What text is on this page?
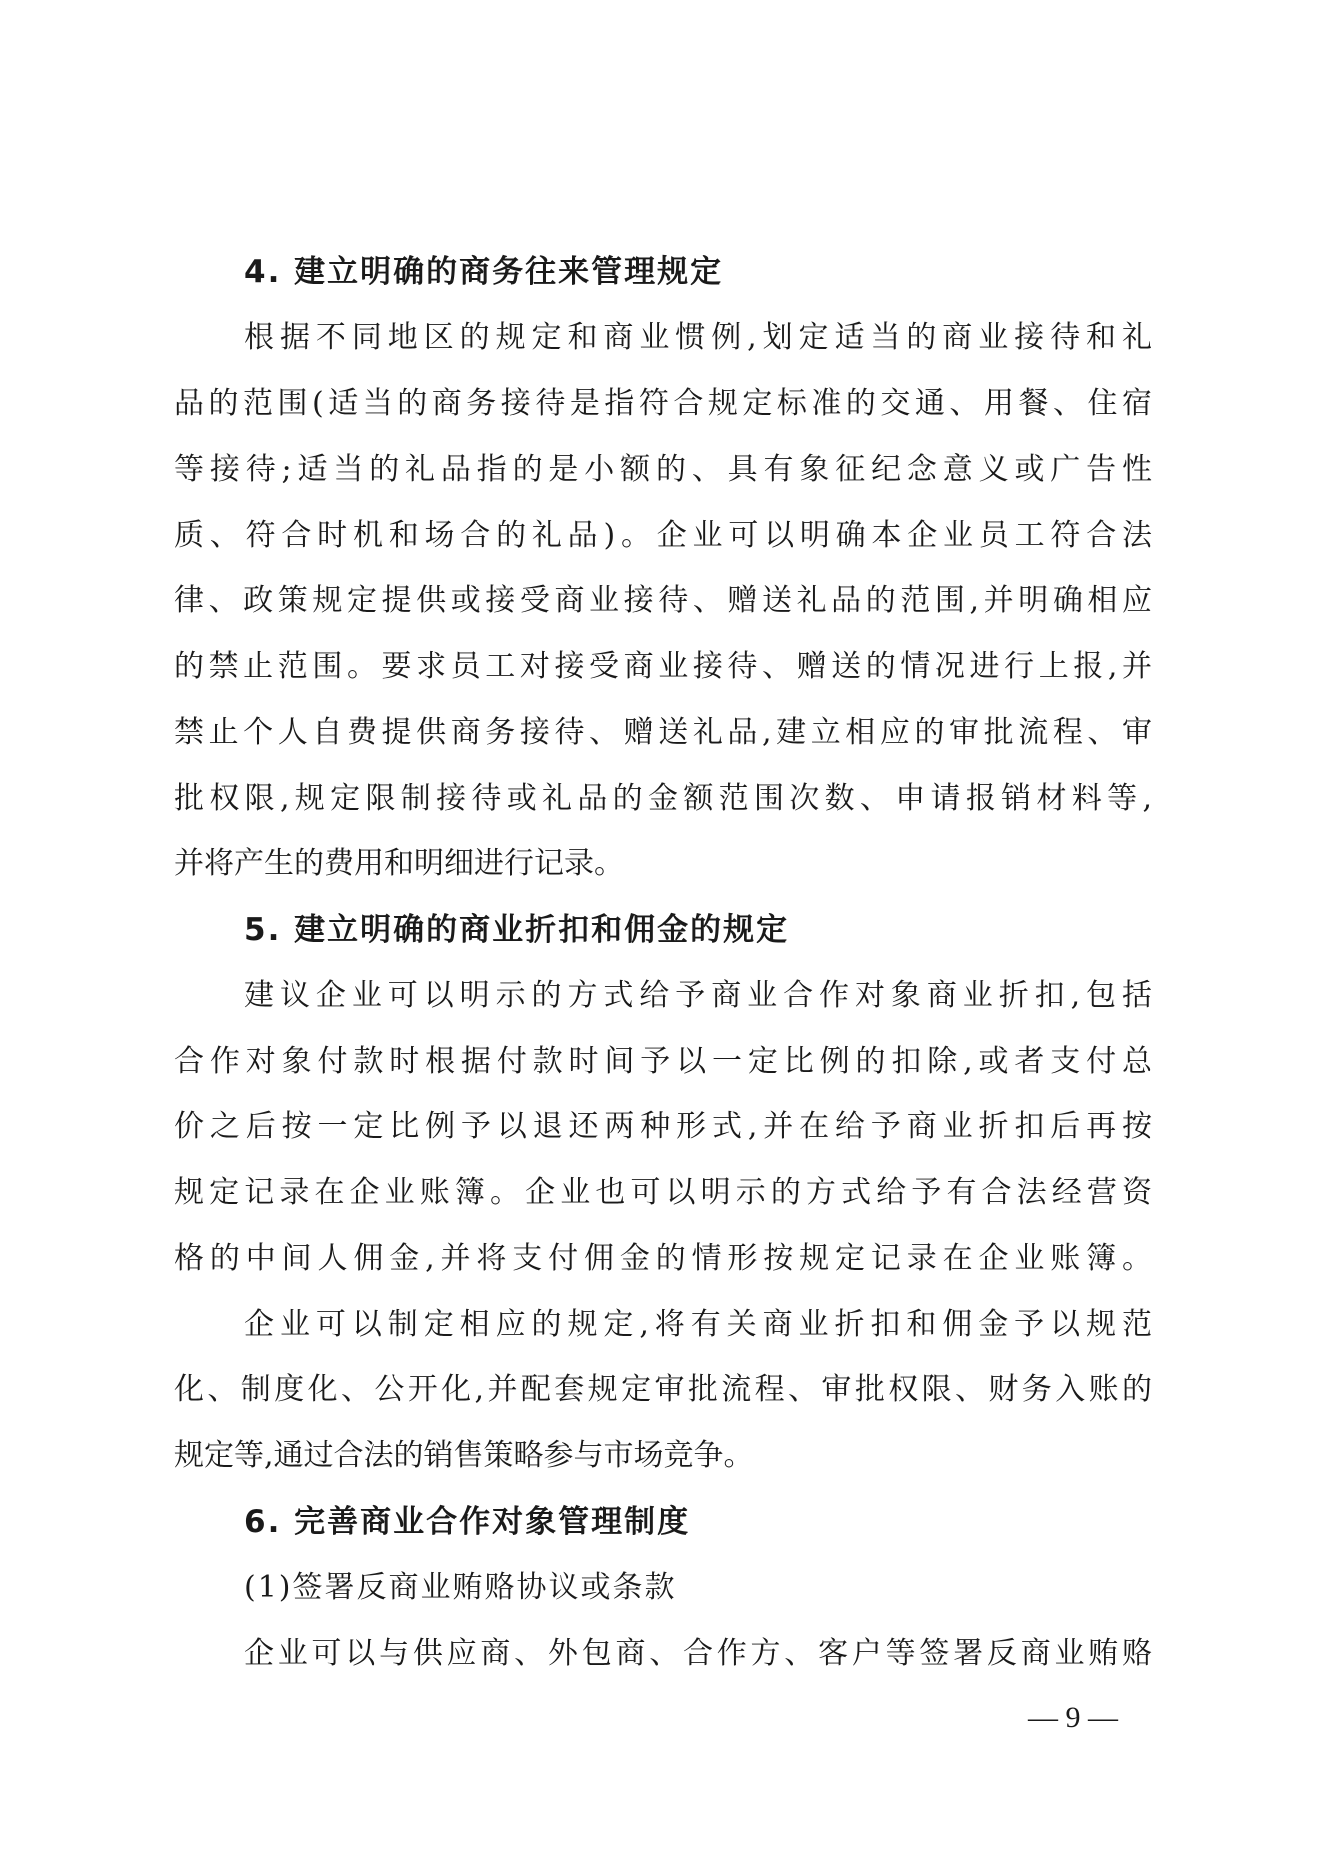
4. 建立明确的商务往来管理规定
根据不同地区的规定和商业惯例,划定适当的商业接待和礼
品的范围(适当的商务接待是指符合规定标准的交通、用餐、住宿
等接待;适当的礼品指的是小额的、具有象征纪念意义或广告性
质、符合时机和场合的礼品)。企业可以明确本企业员工符合法
律、政策规定提供或接受商业接待、赠送礼品的范围,并明确相应
的禁止范围。要求员工对接受商业接待、赠送的情况进行上报,并
禁止个人自费提供商务接待、赠送礼品,建立相应的审批流程、审
批权限,规定限制接待或礼品的金额范围次数、申请报销材料等,
并将产生的费用和明细进行记录。
5. 建立明确的商业折扣和佣金的规定
建议企业可以明示的方式给予商业合作对象商业折扣,包括
合作对象付款时根据付款时间予以一定比例的扣除,或者支付总
价之后按一定比例予以退还两种形式,并在给予商业折扣后再按
规定记录在企业账簿。企业也可以明示的方式给予有合法经营资
格的中间人佣金,并将支付佣金的情形按规定记录在企业账簿。
企业可以制定相应的规定,将有关商业折扣和佣金予以规范
化、制度化、公开化,并配套规定审批流程、审批权限、财务入账的
规定等,通过合法的销售策略参与市场竞争。
6. 完善商业合作对象管理制度
(1)签署反商业贿赂协议或条款
企业可以与供应商、外包商、合作方、客户等签署反商业贿赂
— 9 —
